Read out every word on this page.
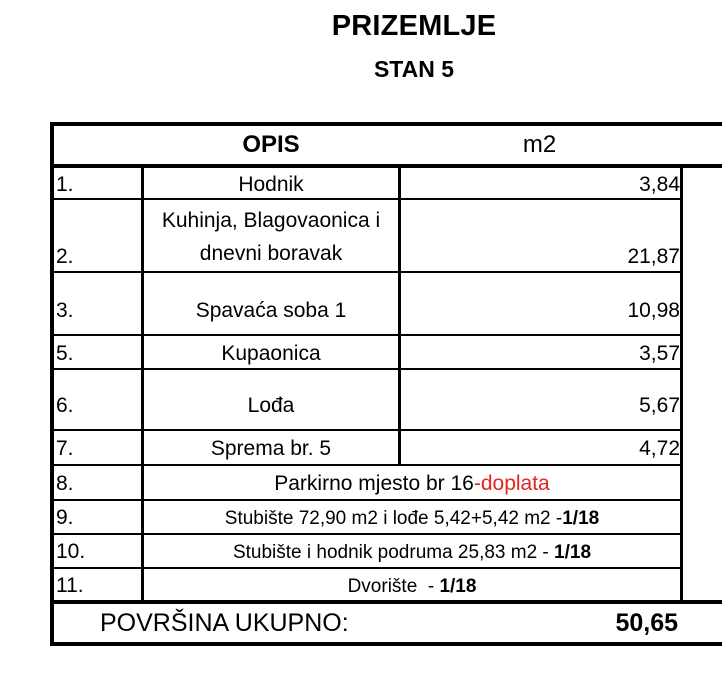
PRIZEMLJE
STAN 5
OPIS	m2
1.	Hodnik	3,84
2.
Kuhinja, Blagovaonica i
dnevni boravak	21,87
3.	Spavaća soba 1	10,98
5.	Kupaonica	3,57
6.	Lođa	5,67
7.	Sprema br. 5	4,72
8.	Parkirno mjesto br 16 -doplata
9.	Stubište 72,90 m2 i lođe 5,42+5,42 m2 - 1/18
10.	Stubište i hodnik podruma 25,83 m2 - 1/18
11.	Dvorište  - 1/18
POVRŠINA UKUPNO:	50,65
